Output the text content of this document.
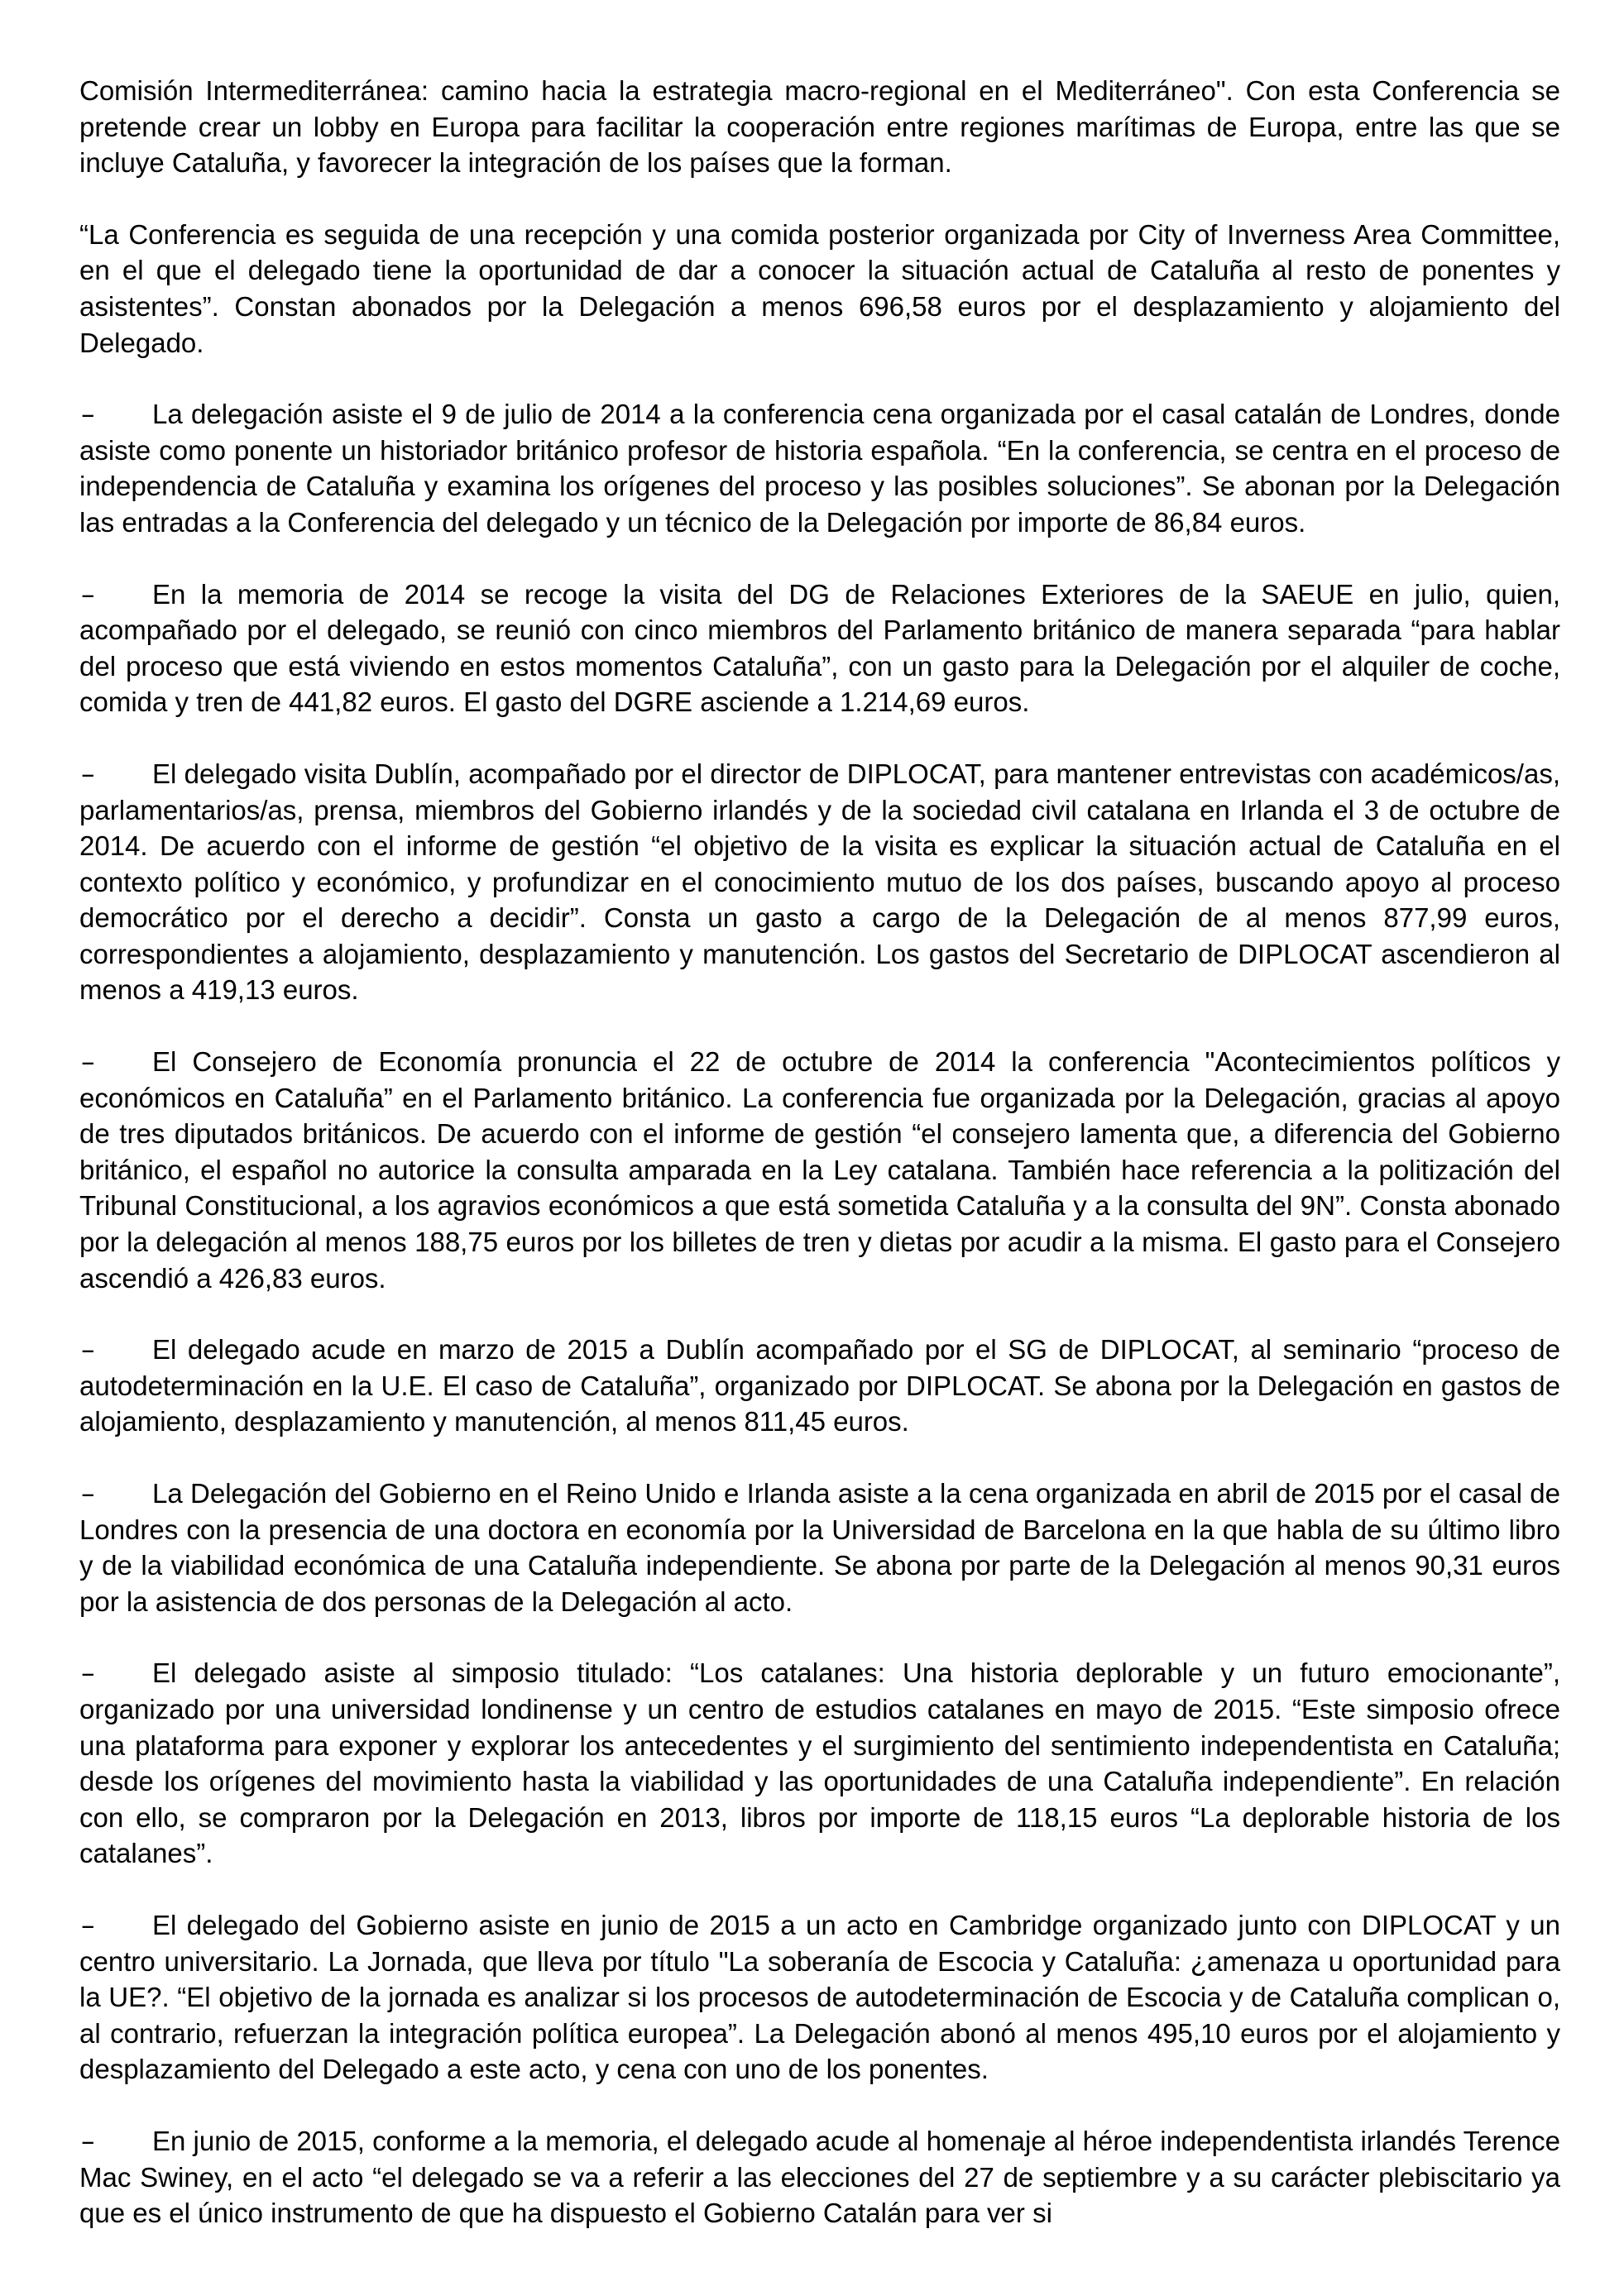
Comisión Intermediterránea: camino hacia la estrategia macro-regional en el Mediterráneo". Con esta Conferencia se pretende crear un lobby en Europa para facilitar la cooperación entre regiones marítimas de Europa, entre las que se incluye Cataluña, y favorecer la integración de los países que la forman.

“La Conferencia es seguida de una recepción y una comida posterior organizada por City of Inverness Area Committee, en el que el delegado tiene la oportunidad de dar a conocer la situación actual de Cataluña al resto de ponentes y asistentes”. Constan abonados por la Delegación a menos 696,58 euros por el desplazamiento y alojamiento del Delegado.

– La delegación asiste el 9 de julio de 2014 a la conferencia cena organizada por el casal catalán de Londres, donde asiste como ponente un historiador británico profesor de historia española. “En la conferencia, se centra en el proceso de independencia de Cataluña y examina los orígenes del proceso y las posibles soluciones”. Se abonan por la Delegación las entradas a la Conferencia del delegado y un técnico de la Delegación por importe de 86,84 euros.

– En la memoria de 2014 se recoge la visita del DG de Relaciones Exteriores de la SAEUE en julio, quien, acompañado por el delegado, se reunió con cinco miembros del Parlamento británico de manera separada “para hablar del proceso que está viviendo en estos momentos Cataluña”, con un gasto para la Delegación por el alquiler de coche, comida y tren de 441,82 euros. El gasto del DGRE asciende a 1.214,69 euros.

– El delegado visita Dublín, acompañado por el director de DIPLOCAT, para mantener entrevistas con académicos/as, parlamentarios/as, prensa, miembros del Gobierno irlandés y de la sociedad civil catalana en Irlanda el 3 de octubre de 2014. De acuerdo con el informe de gestión “el objetivo de la visita es explicar la situación actual de Cataluña en el contexto político y económico, y profundizar en el conocimiento mutuo de los dos países, buscando apoyo al proceso democrático por el derecho a decidir”. Consta un gasto a cargo de la Delegación de al menos 877,99 euros, correspondientes a alojamiento, desplazamiento y manutención. Los gastos del Secretario de DIPLOCAT ascendieron al menos a 419,13 euros.

– El Consejero de Economía pronuncia el 22 de octubre de 2014 la conferencia "Acontecimientos políticos y económicos en Cataluña” en el Parlamento británico. La conferencia fue organizada por la Delegación, gracias al apoyo de tres diputados británicos. De acuerdo con el informe de gestión “el consejero lamenta que, a diferencia del Gobierno británico, el español no autorice la consulta amparada en la Ley catalana. También hace referencia a la politización del Tribunal Constitucional, a los agravios económicos a que está sometida Cataluña y a la consulta del 9N”. Consta abonado por la delegación al menos 188,75 euros por los billetes de tren y dietas por acudir a la misma. El gasto para el Consejero ascendió a 426,83 euros.

– El delegado acude en marzo de 2015 a Dublín acompañado por el SG de DIPLOCAT, al seminario “proceso de autodeterminación en la U.E. El caso de Cataluña”, organizado por DIPLOCAT. Se abona por la Delegación en gastos de alojamiento, desplazamiento y manutención, al menos 811,45 euros.

– La Delegación del Gobierno en el Reino Unido e Irlanda asiste a la cena organizada en abril de 2015 por el casal de Londres con la presencia de una doctora en economía por la Universidad de Barcelona en la que habla de su último libro y de la viabilidad económica de una Cataluña independiente. Se abona por parte de la Delegación al menos 90,31 euros por la asistencia de dos personas de la Delegación al acto.

– El delegado asiste al simposio titulado: “Los catalanes: Una historia deplorable y un futuro emocionante”, organizado por una universidad londinense y un centro de estudios catalanes en mayo de 2015. “Este simposio ofrece una plataforma para exponer y explorar los antecedentes y el surgimiento del sentimiento independentista en Cataluña; desde los orígenes del movimiento hasta la viabilidad y las oportunidades de una Cataluña independiente”. En relación con ello, se compraron por la Delegación en 2013, libros por importe de 118,15 euros “La deplorable historia de los catalanes”.

– El delegado del Gobierno asiste en junio de 2015 a un acto en Cambridge organizado junto con DIPLOCAT y un centro universitario. La Jornada, que lleva por título "La soberanía de Escocia y Cataluña: ¿amenaza u oportunidad para la UE?. “El objetivo de la jornada es analizar si los procesos de autodeterminación de Escocia y de Cataluña complican o, al contrario, refuerzan la integración política europea”. La Delegación abonó al menos 495,10 euros por el alojamiento y desplazamiento del Delegado a este acto, y cena con uno de los ponentes.

– En junio de 2015, conforme a la memoria, el delegado acude al homenaje al héroe independentista irlandés Terence Mac Swiney, en el acto “el delegado se va a referir a las elecciones del 27 de septiembre y a su carácter plebiscitario ya que es el único instrumento de que ha dispuesto el Gobierno Catalán para ver si
